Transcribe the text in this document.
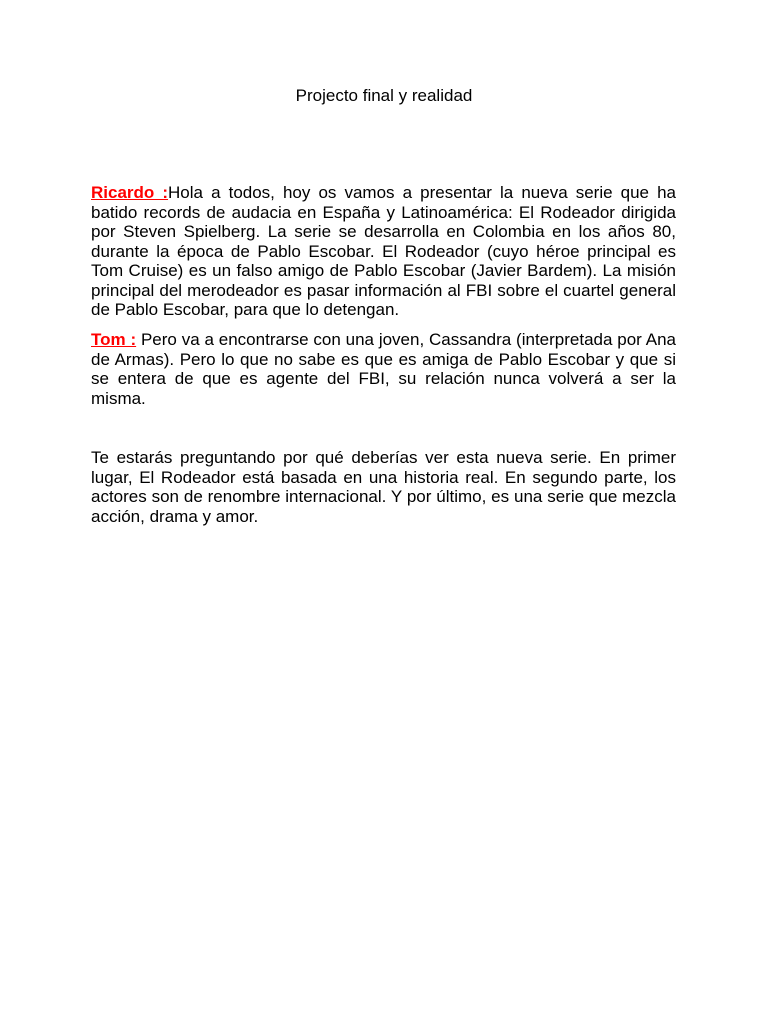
Projecto final y realidad

Ricardo :Hola a todos, hoy os vamos a presentar la nueva serie que ha batido records de audacia en España y Latinoamérica: El Rodeador dirigida por Steven Spielberg. La serie se desarrolla en Colombia en los años 80, durante la época de Pablo Escobar. El Rodeador (cuyo héroe principal es Tom Cruise) es un falso amigo de Pablo Escobar (Javier Bardem). La misión principal del merodeador es pasar información al FBI sobre el cuartel general de Pablo Escobar, para que lo detengan.

Tom : Pero va a encontrarse con una joven, Cassandra (interpretada por Ana de Armas). Pero lo que no sabe es que es amiga de Pablo Escobar y que si se entera de que es agente del FBI, su relación nunca volverá a ser la misma.

Te estarás preguntando por qué deberías ver esta nueva serie. En primer lugar, El Rodeador está basada en una historia real. En segundo parte, los actores son de renombre internacional. Y por último, es una serie que mezcla acción, drama y amor.
